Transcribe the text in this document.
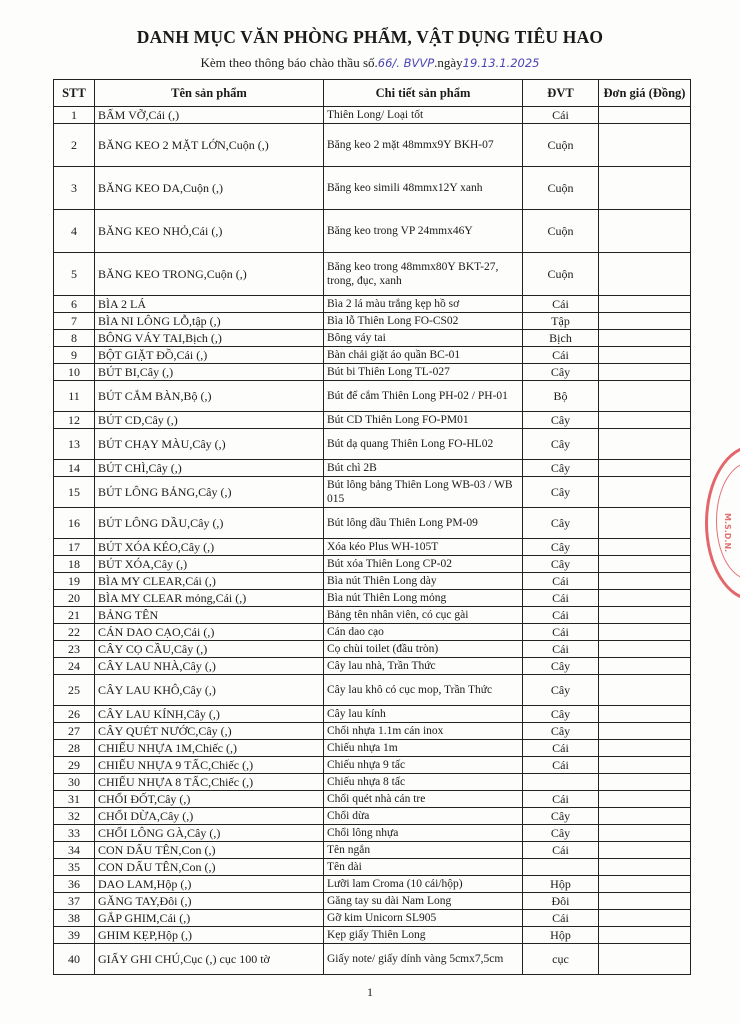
DANH MỤC VĂN PHÒNG PHẨM, VẬT DỤNG TIÊU HAO
Kèm theo thông báo chào thầu số.66/. BVVP.ngày19.13.1.2025
STT	Tên sản phẩm	Chi tiết sản phẩm	ĐVT	Đơn giá (Đồng)
1	BẤM VỠ,Cái (,)	Thiên Long/ Loại tốt	Cái	
2	BĂNG KEO 2 MẶT LỚN,Cuộn (,)	Băng keo 2 mặt 48mmx9Y BKH-07	Cuộn	
3	BĂNG KEO DA,Cuộn (,)	Băng keo simili 48mmx12Y xanh	Cuộn	
4	BĂNG KEO NHỎ,Cái (,)	Băng keo trong VP 24mmx46Y	Cuộn	
5	BĂNG KEO TRONG,Cuộn (,)	Băng keo trong 48mmx80Y BKT-27, trong, đục, xanh	Cuộn	
6	BÌA 2 LÁ	Bìa 2 lá màu trắng kẹp hồ sơ	Cái	
7	BÌA NI LÔNG LỖ,tập (,)	Bìa lỗ Thiên Long FO-CS02	Tập	
8	BÔNG VÁY TAI,Bịch (,)	Bông váy tai	Bịch	
9	BỘT GIẶT ĐỒ,Cái (,)	Bàn chải giặt áo quần BC-01	Cái	
10	BÚT BI,Cây (,)	Bút bi Thiên Long TL-027	Cây	
11	BÚT CẮM BÀN,Bộ (,)	Bút để cắm Thiên Long PH-02 / PH-01	Bộ	
12	BÚT CD,Cây (,)	Bút CD Thiên Long FO-PM01	Cây	
13	BÚT CHẠY MÀU,Cây (,)	Bút dạ quang Thiên Long FO-HL02	Cây	
14	BÚT CHÌ,Cây (,)	Bút chì 2B	Cây	
15	BÚT LÔNG BẢNG,Cây (,)	Bút lông bảng Thiên Long WB-03 / WB 015	Cây	
16	BÚT LÔNG DẦU,Cây (,)	Bút lông dầu Thiên Long PM-09	Cây	
17	BÚT XÓA KÉO,Cây (,)	Xóa kéo Plus WH-105T	Cây	
18	BÚT XÓA,Cây (,)	Bút xóa Thiên Long CP-02	Cây	
19	BÌA MY CLEAR,Cái (,)	Bìa nút Thiên Long dày	Cái	
20	BÌA MY CLEAR mỏng,Cái (,)	Bìa nút Thiên Long mỏng	Cái	
21	BẢNG TÊN	Bảng tên nhân viên, có cục gài	Cái	
22	CÁN DAO CẠO,Cái (,)	Cán dao cạo	Cái	
23	CÂY CỌ CẦU,Cây (,)	Cọ chùi toilet (đầu tròn)	Cái	
24	CÂY LAU NHÀ,Cây (,)	Cây lau nhà, Trần Thức	Cây	
25	CÂY LAU KHÔ,Cây (,)	Cây lau khô có cục mop, Trần Thức	Cây	
26	CÂY LAU KÍNH,Cây (,)	Cây lau kính	Cây	
27	CÂY QUÉT NƯỚC,Cây (,)	Chổi nhựa 1.1m cán inox	Cây	
28	CHIẾU NHỰA 1M,Chiếc (,)	Chiếu nhựa 1m	Cái	
29	CHIẾU NHỰA 9 TẤC,Chiếc (,)	Chiếu nhựa 9 tấc	Cái	
30	CHIẾU NHỰA 8 TẤC,Chiếc (,)	Chiếu nhựa 8 tấc		
31	CHỔI ĐỐT,Cây (,)	Chổi quét nhà cán tre	Cái	
32	CHỔI DỪA,Cây (,)	Chổi dừa	Cây	
33	CHỔI LÔNG GÀ,Cây (,)	Chổi lông nhựa	Cây	
34	CON DẤU TÊN,Con (,)	Tên ngắn	Cái	
35	CON DẤU TÊN,Con (,)	Tên dài		
36	DAO LAM,Hộp (,)	Lưỡi lam Croma (10 cái/hộp)	Hộp	
37	GĂNG TAY,Đôi (,)	Găng tay su dài Nam Long	Đôi	
38	GẮP GHIM,Cái (,)	Gỡ kim Unicorn SL905	Cái	
39	GHIM KẸP,Hộp (,)	Kẹp giấy Thiên Long	Hộp	
40	GIẤY GHI CHÚ,Cục (,) cục 100 tờ	Giấy note/ giấy dính vàng 5cmx7,5cm	cục	
1
M.S.D.N.
